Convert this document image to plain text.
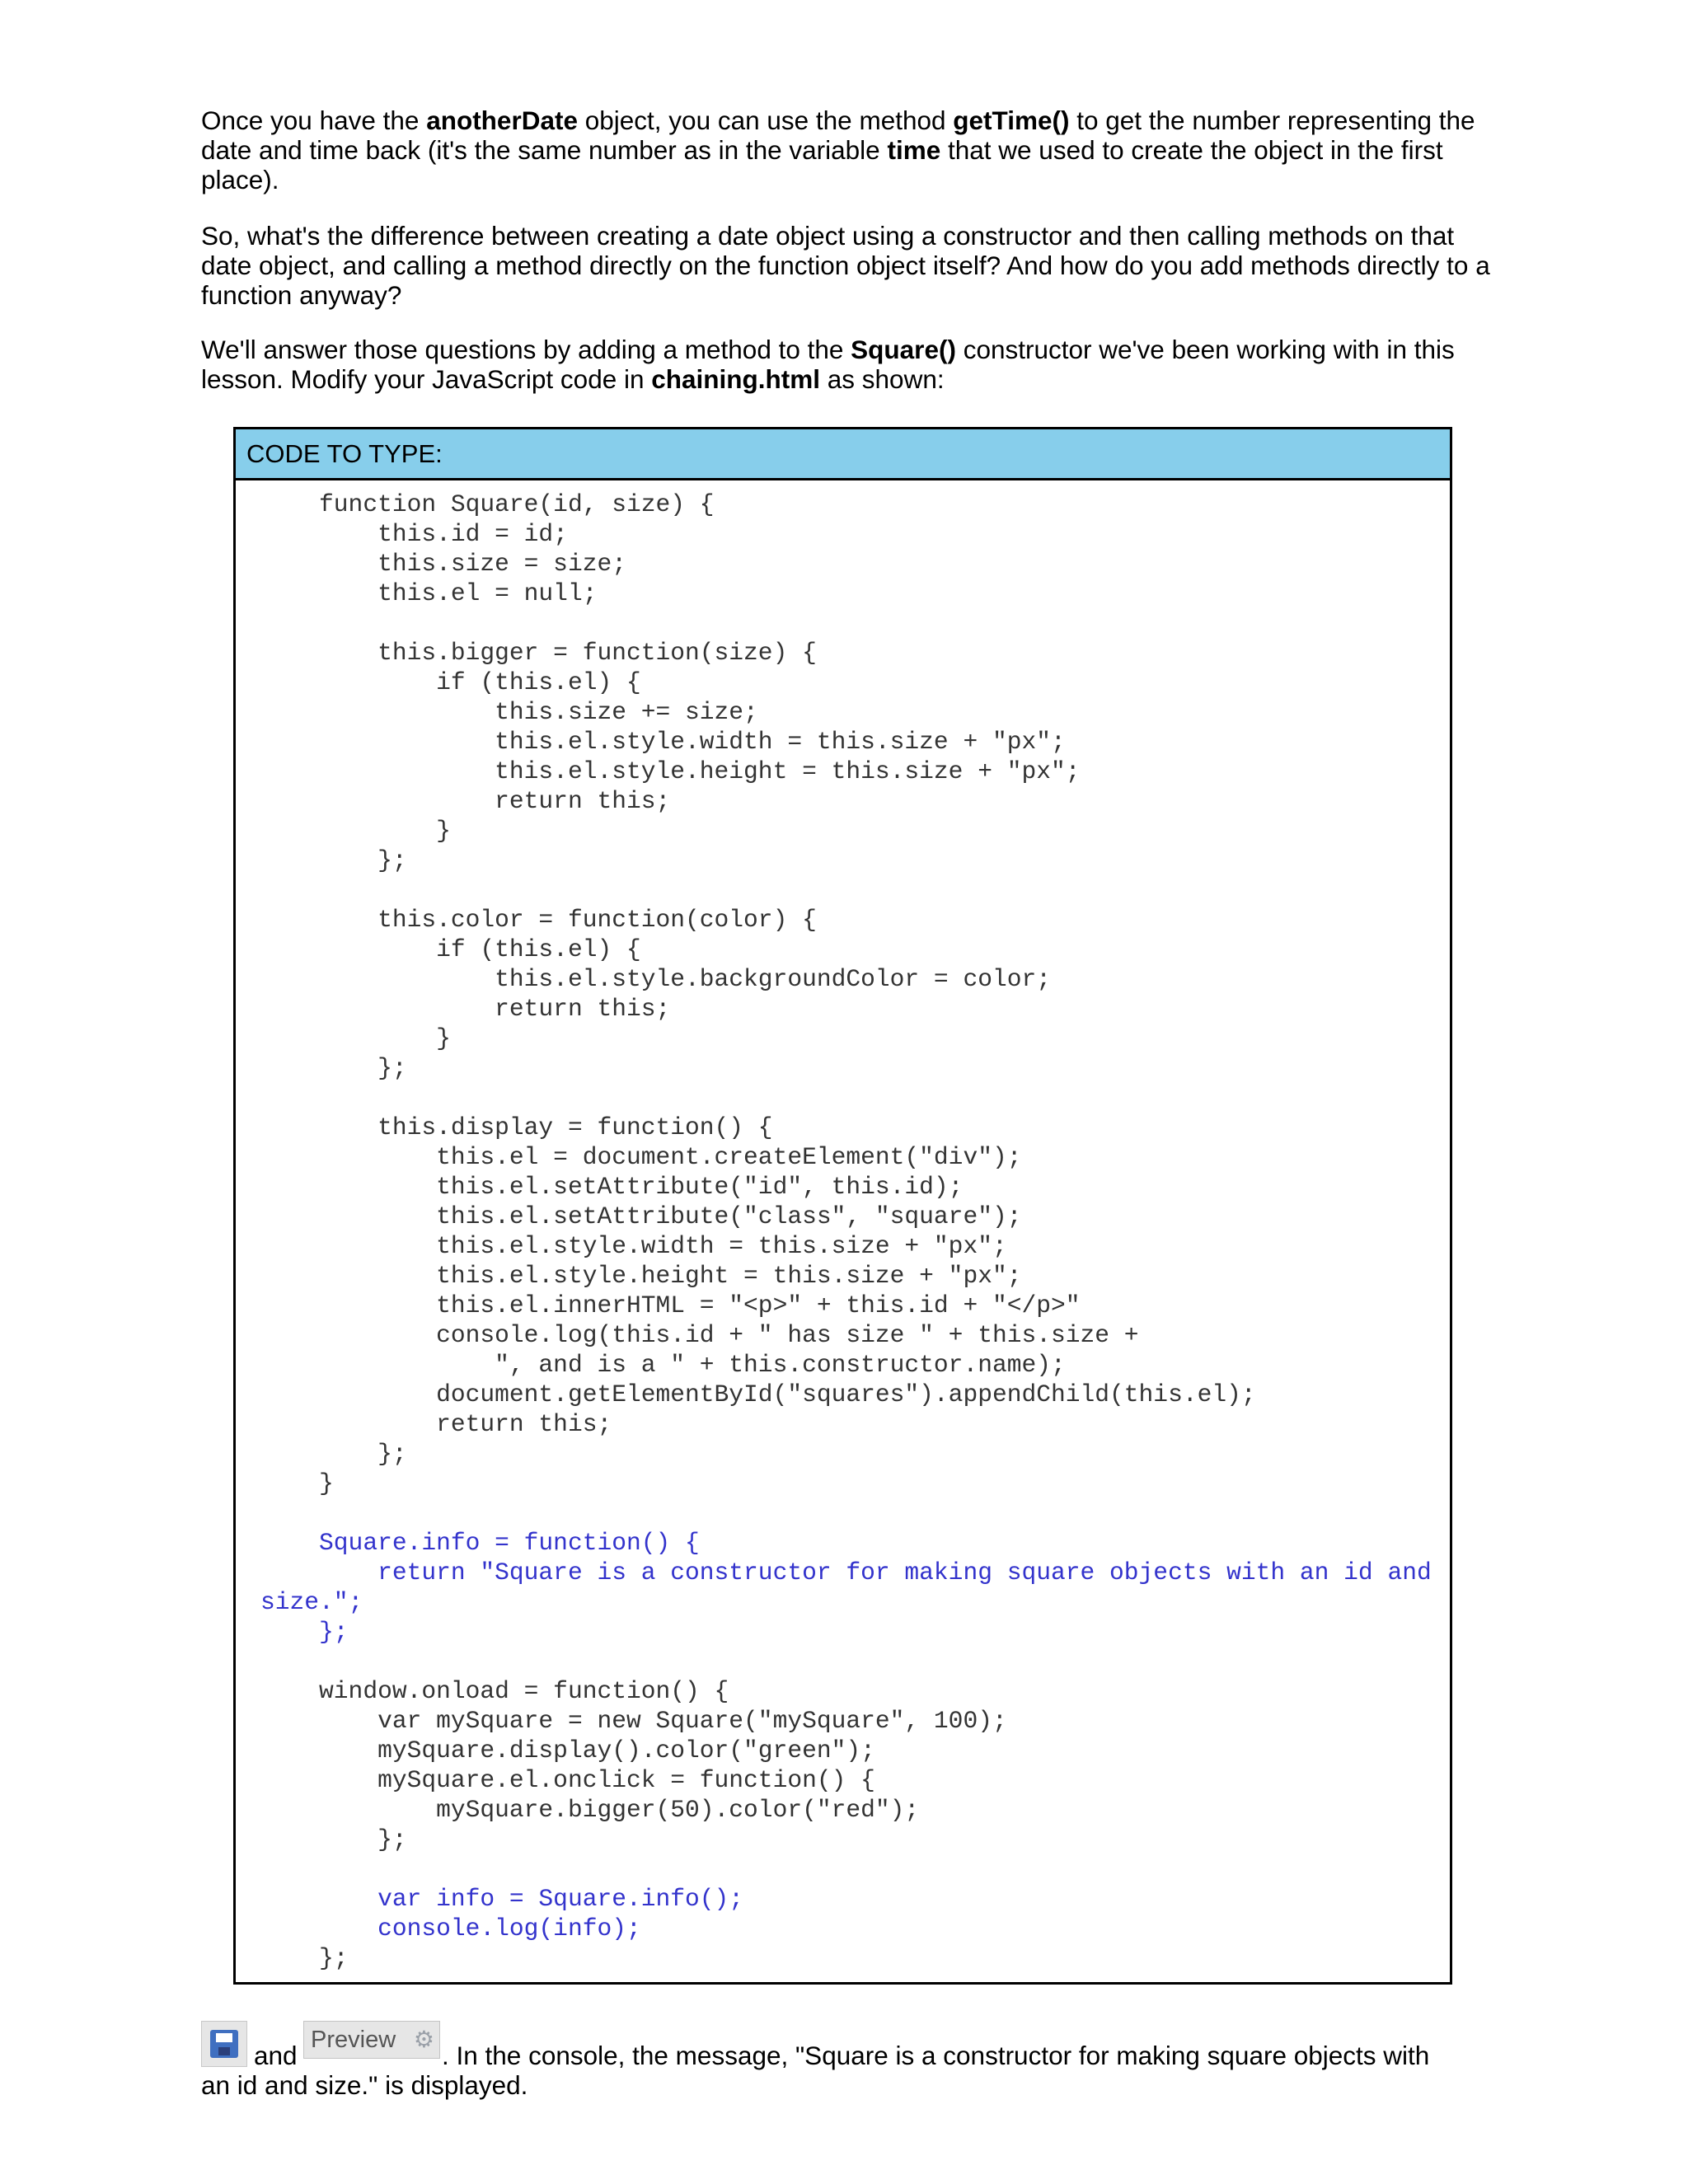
Once you have the anotherDate object, you can use the method getTime() to get the number representing the date and time back (it's the same number as in the variable time that we used to create the object in the first place).

So, what's the difference between creating a date object using a constructor and then calling methods on that date object, and calling a method directly on the function object itself? And how do you add methods directly to a function anyway?

We'll answer those questions by adding a method to the Square() constructor we've been working with in this lesson. Modify your JavaScript code in chaining.html as shown:

CODE TO TYPE:
function Square(id, size) {
this.id = id;
this.size = size;
this.el = null;

this.bigger = function(size) {
if (this.el) {
this.size += size;
this.el.style.width = this.size + "px";
this.el.style.height = this.size + "px";
return this;
}
};

this.color = function(color) {
if (this.el) {
this.el.style.backgroundColor = color;
return this;
}
};

this.display = function() {
this.el = document.createElement("div");
this.el.setAttribute("id", this.id);
this.el.setAttribute("class", "square");
this.el.style.width = this.size + "px";
this.el.style.height = this.size + "px";
this.el.innerHTML = "<p>" + this.id + "</p>"
console.log(this.id + " has size " + this.size +
", and is a " + this.constructor.name);
document.getElementById("squares").appendChild(this.el);
return this;
};
}

Square.info = function() {
return "Square is a constructor for making square objects with an id and
size.";
};

window.onload = function() {
var mySquare = new Square("mySquare", 100);
mySquare.display().color("green");
mySquare.el.onclick = function() {
mySquare.bigger(50).color("red");
};

var info = Square.info();
console.log(info);
};
and
Preview ⚙
. In the console, the message, "Square is a constructor for making square objects with
an id and size." is displayed.
